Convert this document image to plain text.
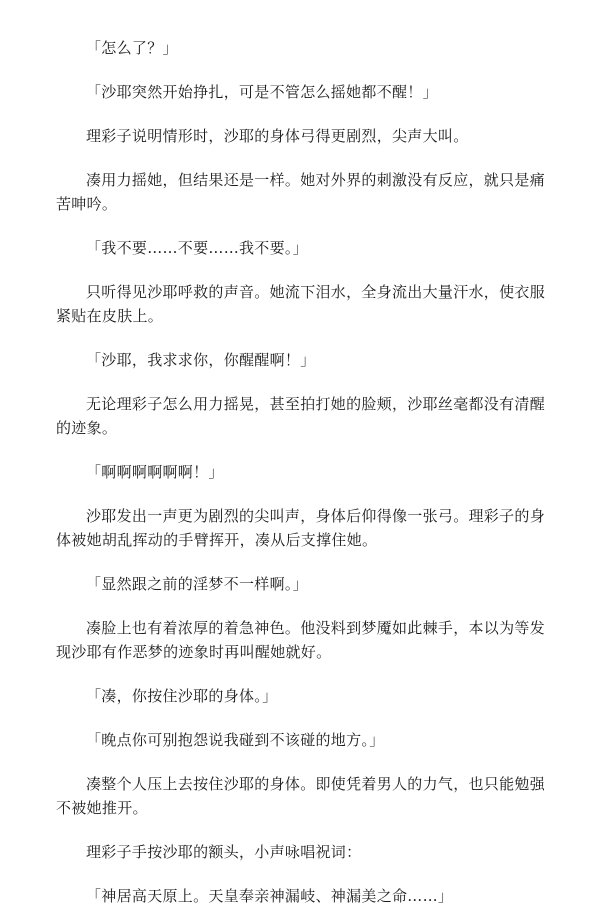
「怎么了？」

「沙耶突然开始挣扎，可是不管怎么摇她都不醒！」

理彩子说明情形时，沙耶的身体弓得更剧烈，尖声大叫。

凑用力摇她，但结果还是一样。她对外界的刺激没有反应，就只是痛苦呻吟。

「我不要……不要……我不要。」

只听得见沙耶呼救的声音。她流下泪水，全身流出大量汗水，使衣服紧贴在皮肤上。

「沙耶，我求求你，你醒醒啊！」

无论理彩子怎么用力摇晃，甚至拍打她的脸颊，沙耶丝毫都没有清醒的迹象。

「啊啊啊啊啊啊！」

沙耶发出一声更为剧烈的尖叫声，身体后仰得像一张弓。理彩子的身体被她胡乱挥动的手臂挥开，凑从后支撑住她。

「显然跟之前的淫梦不一样啊。」

凑脸上也有着浓厚的着急神色。他没料到梦魇如此棘手，本以为等发现沙耶有作恶梦的迹象时再叫醒她就好。

「凑，你按住沙耶的身体。」

「晚点你可别抱怨说我碰到不该碰的地方。」

凑整个人压上去按住沙耶的身体。即使凭着男人的力气，也只能勉强不被她推开。

理彩子手按沙耶的额头，小声咏唱祝词：

「神居高天原上。天皇奉亲神漏岐、神漏美之命……」
